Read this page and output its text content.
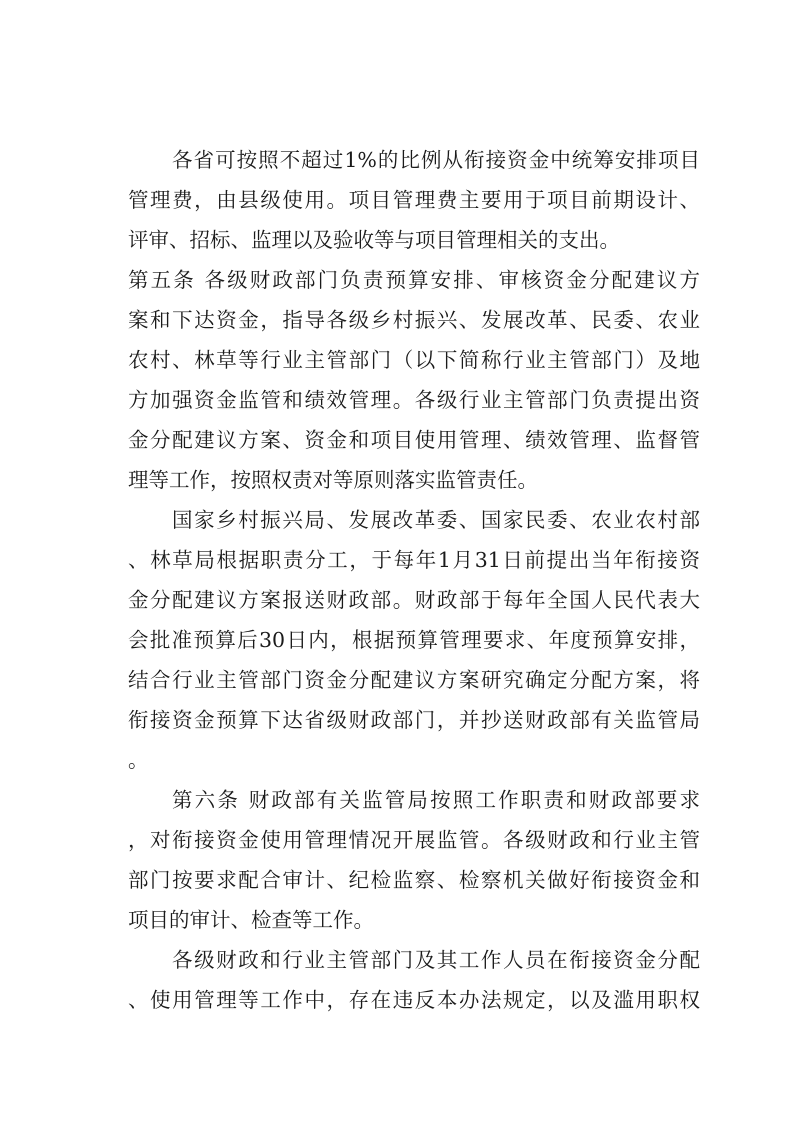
各省可按照不超过1%的比例从衔接资金中统筹安排项目
管理费，由县级使用。项目管理费主要用于项目前期设计、
评审、招标、监理以及验收等与项目管理相关的支出。
第五条 各级财政部门负责预算安排、审核资金分配建议方
案和下达资金，指导各级乡村振兴、发展改革、民委、农业
农村、林草等行业主管部门（以下简称行业主管部门）及地
方加强资金监管和绩效管理。各级行业主管部门负责提出资
金分配建议方案、资金和项目使用管理、绩效管理、监督管
理等工作，按照权责对等原则落实监管责任。
国家乡村振兴局、发展改革委、国家民委、农业农村部
、林草局根据职责分工，于每年1月31日前提出当年衔接资
金分配建议方案报送财政部。财政部于每年全国人民代表大
会批准预算后30日内，根据预算管理要求、年度预算安排，
结合行业主管部门资金分配建议方案研究确定分配方案，将
衔接资金预算下达省级财政部门，并抄送财政部有关监管局
。
第六条 财政部有关监管局按照工作职责和财政部要求
，对衔接资金使用管理情况开展监管。各级财政和行业主管
部门按要求配合审计、纪检监察、检察机关做好衔接资金和
项目的审计、检查等工作。
各级财政和行业主管部门及其工作人员在衔接资金分配
、使用管理等工作中，存在违反本办法规定，以及滥用职权
